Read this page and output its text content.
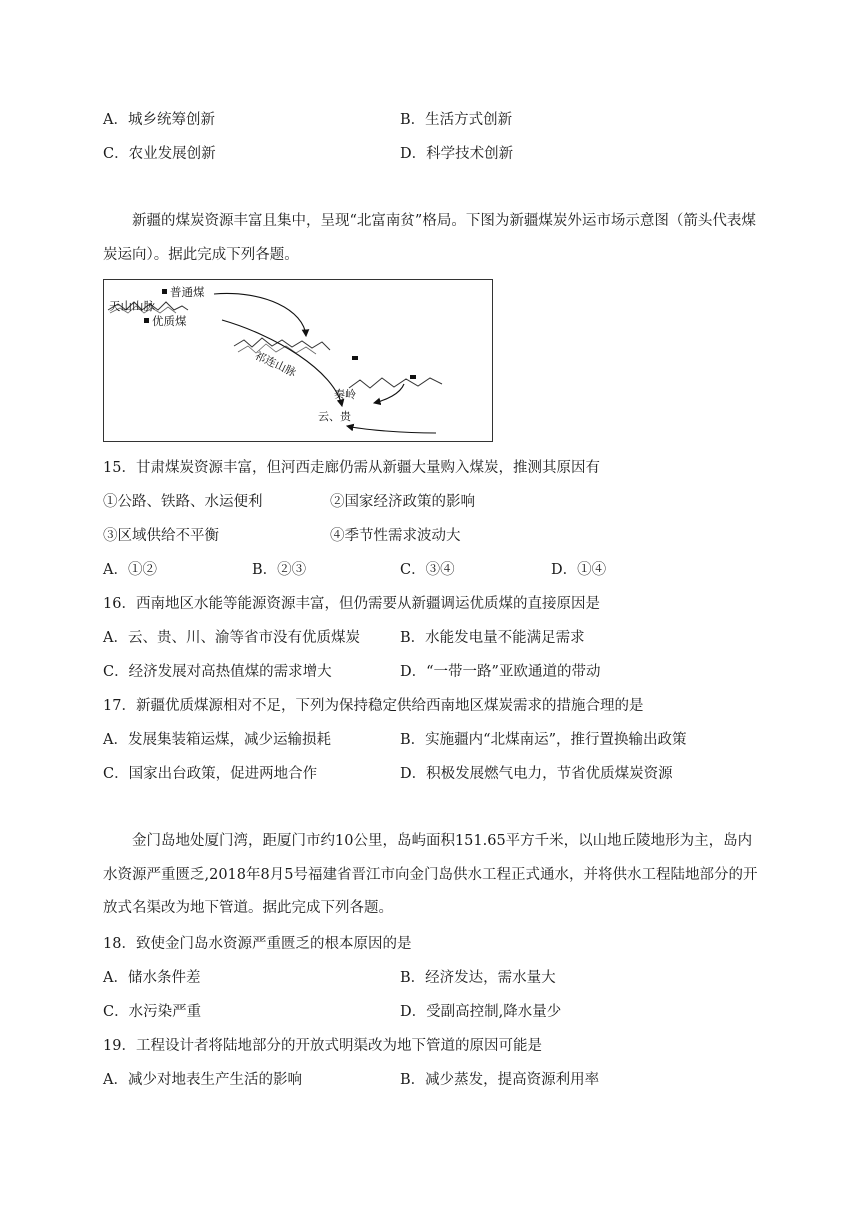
A．城乡统筹创新	B．生活方式创新
C．农业发展创新	D．科学技术创新
新疆的煤炭资源丰富且集中，呈现“北富南贫”格局。下图为新疆煤炭外运市场示意图（箭头代表煤炭运向）。据此完成下列各题。
普通煤
天山山脉
优质煤
祁连山脉
秦岭
云、贵
15．甘肃煤炭资源丰富，但河西走廊仍需从新疆大量购入煤炭，推测其原因有
①公路、铁路、水运便利	②国家经济政策的影响
③区域供给不平衡	④季节性需求波动大
A．①②	B．②③	C．③④	D．①④
16．西南地区水能等能源资源丰富，但仍需要从新疆调运优质煤的直接原因是
A．云、贵、川、渝等省市没有优质煤炭	B．水能发电量不能满足需求
C．经济发展对高热值煤的需求增大	D．“一带一路”亚欧通道的带动
17．新疆优质煤源相对不足，下列为保持稳定供给西南地区煤炭需求的措施合理的是
A．发展集装箱运煤，减少运输损耗	B．实施疆内“北煤南运”，推行置换输出政策
C．国家出台政策，促进两地合作	D．积极发展燃气电力，节省优质煤炭资源
金门岛地处厦门湾，距厦门市约10公里，岛屿面积151.65平方千米，以山地丘陵地形为主，岛内水资源严重匮乏,2018年8月5号福建省晋江市向金门岛供水工程正式通水，并将供水工程陆地部分的开放式名渠改为地下管道。据此完成下列各题。
18．致使金门岛水资源严重匮乏的根本原因的是
A．储水条件差	B．经济发达，需水量大
C．水污染严重	D．受副高控制,降水量少
19．工程设计者将陆地部分的开放式明渠改为地下管道的原因可能是
A．减少对地表生产生活的影响	B．减少蒸发，提高资源利用率
